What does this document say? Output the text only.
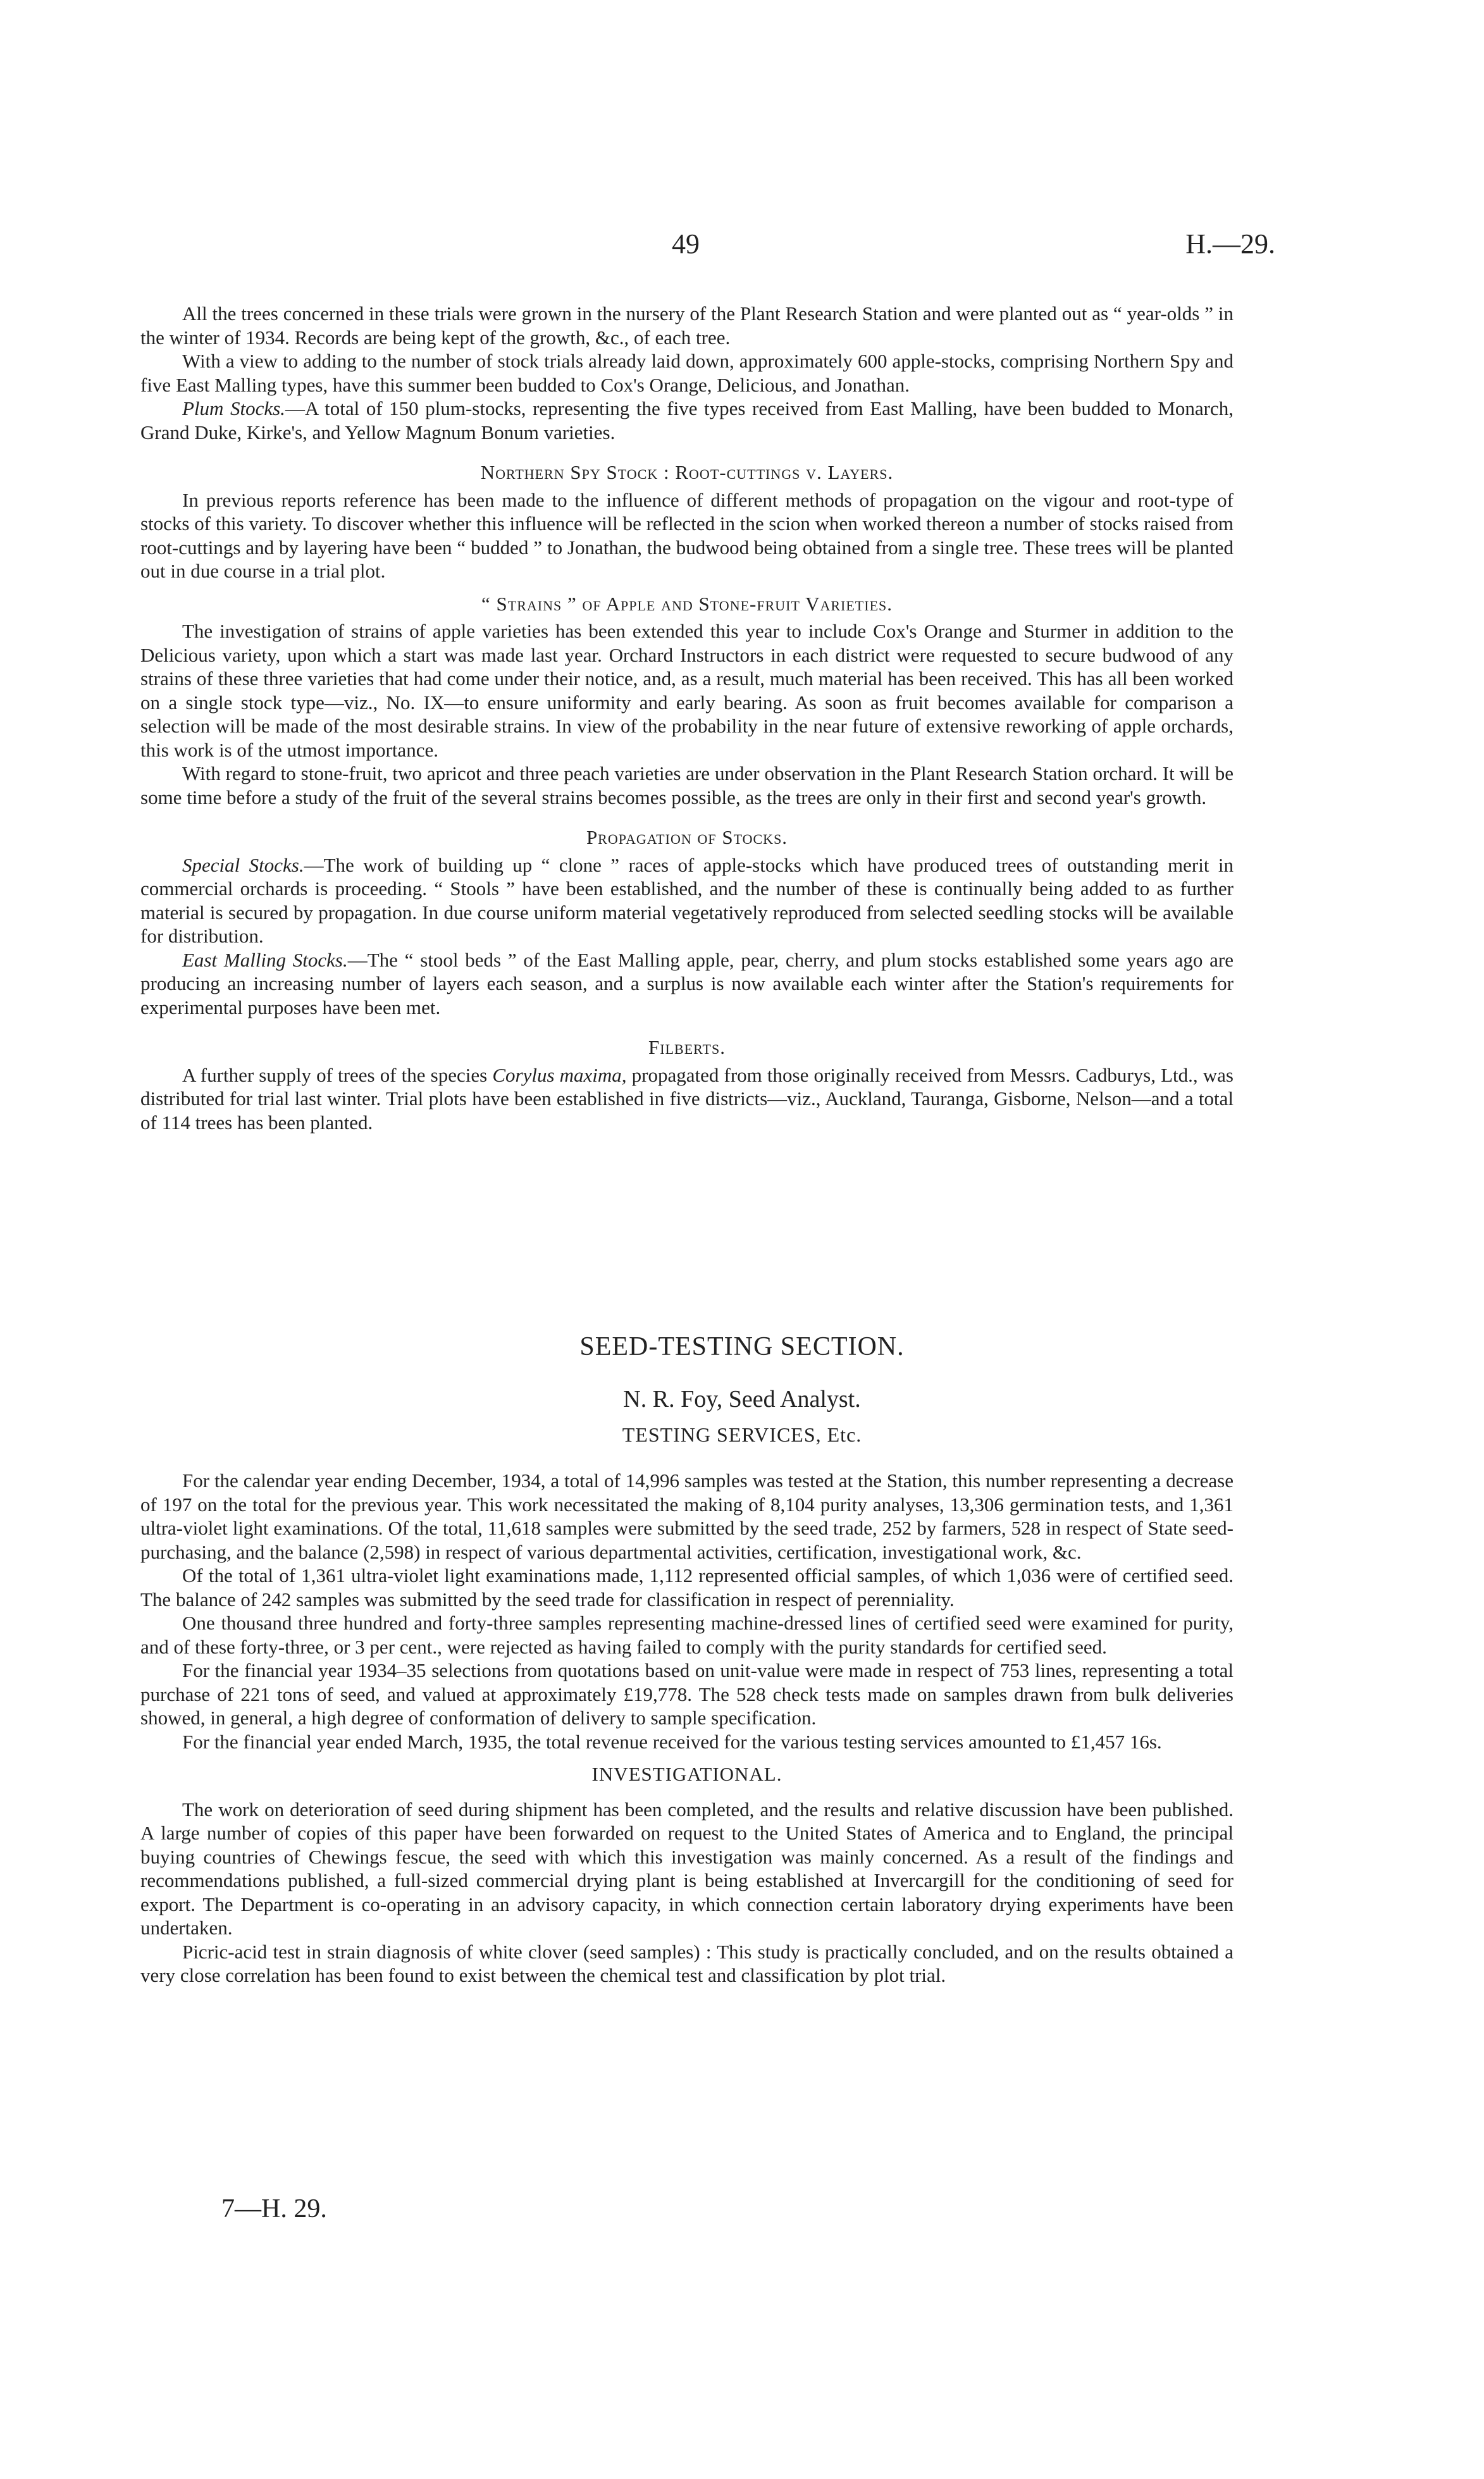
49	H.—29.

All the trees concerned in these trials were grown in the nursery of the Plant Research Station and were planted out as “ year-olds ” in the winter of 1934. Records are being kept of the growth, &c., of each tree.

With a view to adding to the number of stock trials already laid down, approximately 600 apple-stocks, comprising Northern Spy and five East Malling types, have this summer been budded to Cox's Orange, Delicious, and Jonathan.

Plum Stocks.—A total of 150 plum-stocks, representing the five types received from East Malling, have been budded to Monarch, Grand Duke, Kirke's, and Yellow Magnum Bonum varieties.

Northern Spy Stock : Root-cuttings v. Layers.

In previous reports reference has been made to the influence of different methods of propagation on the vigour and root-type of stocks of this variety. To discover whether this influence will be reflected in the scion when worked thereon a number of stocks raised from root-cuttings and by layering have been “ budded ” to Jonathan, the budwood being obtained from a single tree. These trees will be planted out in due course in a trial plot.

“ Strains ” of Apple and Stone-fruit Varieties.

The investigation of strains of apple varieties has been extended this year to include Cox's Orange and Sturmer in addition to the Delicious variety, upon which a start was made last year. Orchard Instructors in each district were requested to secure budwood of any strains of these three varieties that had come under their notice, and, as a result, much material has been received. This has all been worked on a single stock type—viz., No. IX—to ensure uniformity and early bearing. As soon as fruit becomes available for comparison a selection will be made of the most desirable strains. In view of the probability in the near future of extensive reworking of apple orchards, this work is of the utmost importance.

With regard to stone-fruit, two apricot and three peach varieties are under observation in the Plant Research Station orchard. It will be some time before a study of the fruit of the several strains becomes possible, as the trees are only in their first and second year's growth.

Propagation of Stocks.

Special Stocks.—The work of building up “ clone ” races of apple-stocks which have produced trees of outstanding merit in commercial orchards is proceeding. “ Stools ” have been established, and the number of these is continually being added to as further material is secured by propagation. In due course uniform material vegetatively reproduced from selected seedling stocks will be available for distribution.

East Malling Stocks.—The “ stool beds ” of the East Malling apple, pear, cherry, and plum stocks established some years ago are producing an increasing number of layers each season, and a surplus is now available each winter after the Station's requirements for experimental purposes have been met.

Filberts.

A further supply of trees of the species Corylus maxima, propagated from those originally received from Messrs. Cadburys, Ltd., was distributed for trial last winter. Trial plots have been established in five districts—viz., Auckland, Tauranga, Gisborne, Nelson—and a total of 114 trees has been planted.

SEED-TESTING SECTION.
N. R. Foy, Seed Analyst.
TESTING SERVICES, Etc.

For the calendar year ending December, 1934, a total of 14,996 samples was tested at the Station, this number representing a decrease of 197 on the total for the previous year. This work necessitated the making of 8,104 purity analyses, 13,306 germination tests, and 1,361 ultra-violet light examinations. Of the total, 11,618 samples were submitted by the seed trade, 252 by farmers, 528 in respect of State seed-purchasing, and the balance (2,598) in respect of various departmental activities, certification, investigational work, &c.

Of the total of 1,361 ultra-violet light examinations made, 1,112 represented official samples, of which 1,036 were of certified seed. The balance of 242 samples was submitted by the seed trade for classification in respect of perenniality.

One thousand three hundred and forty-three samples representing machine-dressed lines of certified seed were examined for purity, and of these forty-three, or 3 per cent., were rejected as having failed to comply with the purity standards for certified seed.

For the financial year 1934–35 selections from quotations based on unit-value were made in respect of 753 lines, representing a total purchase of 221 tons of seed, and valued at approximately £19,778. The 528 check tests made on samples drawn from bulk deliveries showed, in general, a high degree of conformation of delivery to sample specification.

For the financial year ended March, 1935, the total revenue received for the various testing services amounted to £1,457 16s.

INVESTIGATIONAL.

The work on deterioration of seed during shipment has been completed, and the results and relative discussion have been published. A large number of copies of this paper have been forwarded on request to the United States of America and to England, the principal buying countries of Chewings fescue, the seed with which this investigation was mainly concerned. As a result of the findings and recommendations published, a full-sized commercial drying plant is being established at Invercargill for the conditioning of seed for export. The Department is co-operating in an advisory capacity, in which connection certain laboratory drying experiments have been undertaken.

Picric-acid test in strain diagnosis of white clover (seed samples) : This study is practically concluded, and on the results obtained a very close correlation has been found to exist between the chemical test and classification by plot trial.

7—H. 29.
